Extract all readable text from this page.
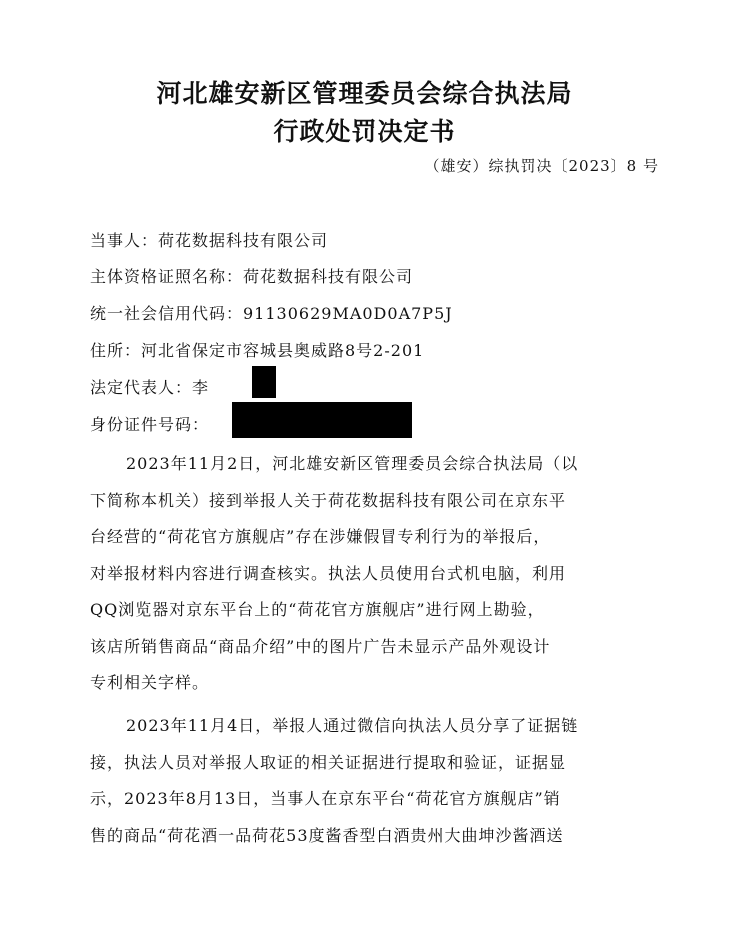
河北雄安新区管理委员会综合执法局
行政处罚决定书
（雄安）综执罚决〔2023〕8 号
当事人：荷花数据科技有限公司
主体资格证照名称：荷花数据科技有限公司
统一社会信用代码：91130629MA0D0A7P5J
住所：河北省保定市容城县奥威路8号2-201
法定代表人：李
身份证件号码：
2023年11月2日，河北雄安新区管理委员会综合执法局（以
下简称本机关）接到举报人关于荷花数据科技有限公司在京东平
台经营的“荷花官方旗舰店”存在涉嫌假冒专利行为的举报后，
对举报材料内容进行调查核实。执法人员使用台式机电脑，利用
QQ浏览器对京东平台上的“荷花官方旗舰店”进行网上勘验，
该店所销售商品“商品介绍”中的图片广告未显示产品外观设计
专利相关字样。
2023年11月4日，举报人通过微信向执法人员分享了证据链
接，执法人员对举报人取证的相关证据进行提取和验证，证据显
示，2023年8月13日，当事人在京东平台“荷花官方旗舰店”销
售的商品“荷花酒一品荷花53度酱香型白酒贵州大曲坤沙酱酒送
